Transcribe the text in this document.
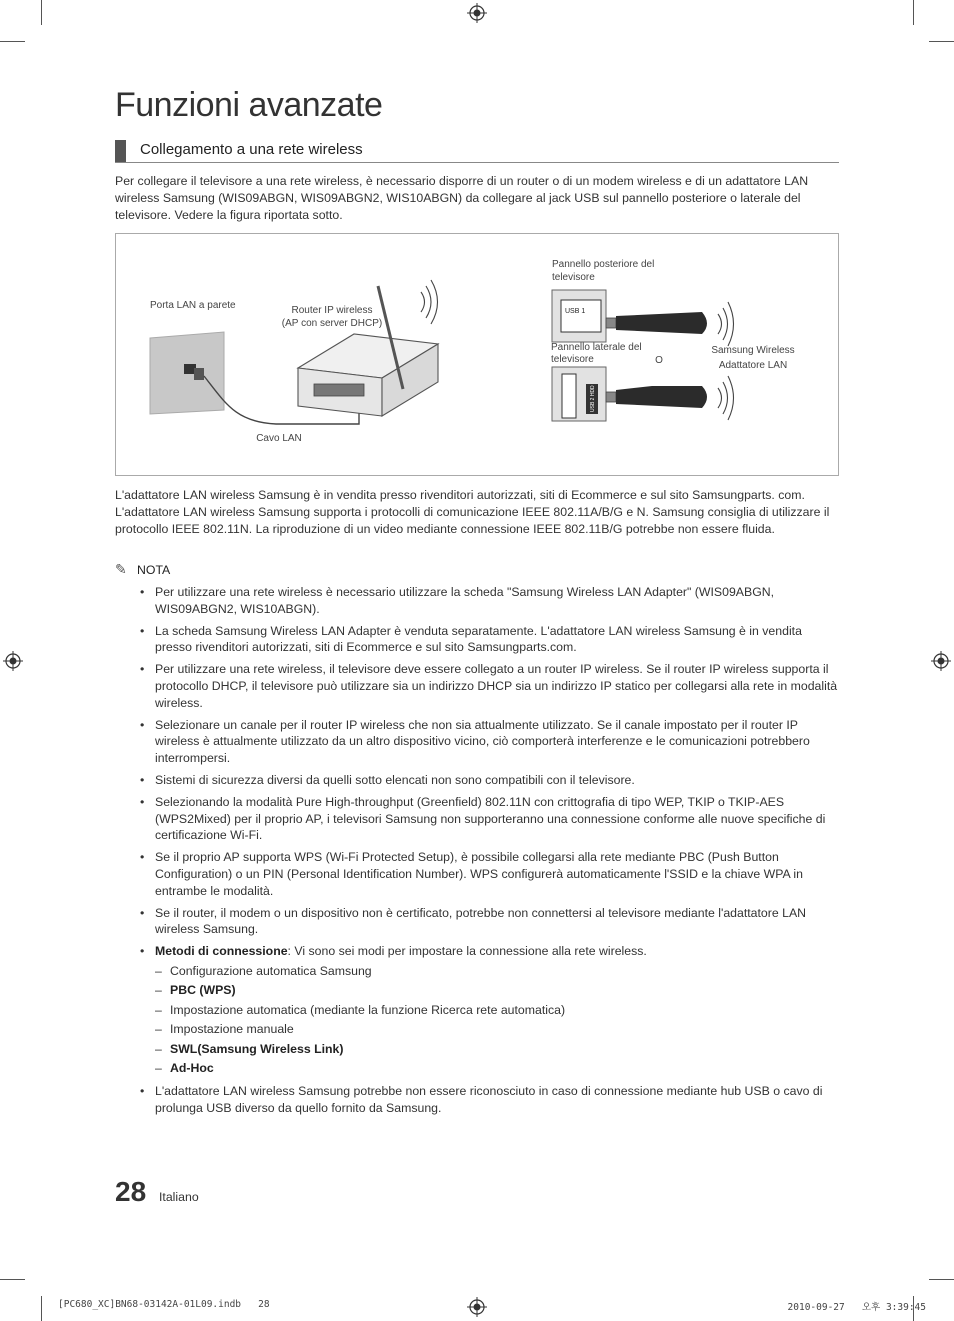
Funzioni avanzate
Collegamento a una rete wireless

Per collegare il televisore a una rete wireless, è necessario disporre di un router o di un modem wireless e di un adattatore LAN wireless Samsung (WIS09ABGN, WIS09ABGN2, WIS10ABGN) da collegare al jack USB sul pannello posteriore o laterale del televisore. Vedere la figura riportata sotto.

USB 1
USB 2 HDD
Porta LAN a parete	Router IP wireless
(AP con server DHCP)
Cavo LAN
Pannello posteriore del
televisore
Pannello laterale del
televisore	O
Samsung Wireless
Adattatore LAN

L'adattatore LAN wireless Samsung è in vendita presso rivenditori autorizzati, siti di Ecommerce e sul sito Samsungparts. com. L'adattatore LAN wireless Samsung supporta i protocolli di comunicazione IEEE 802.11A/B/G e N. Samsung consiglia di utilizzare il protocollo IEEE 802.11N. La riproduzione di un video mediante connessione IEEE 802.11B/G potrebbe non essere fluida.

✎ NOTA
• Per utilizzare una rete wireless è necessario utilizzare la scheda "Samsung Wireless LAN Adapter" (WIS09ABGN, WIS09ABGN2, WIS10ABGN).
• La scheda Samsung Wireless LAN Adapter è venduta separatamente. L'adattatore LAN wireless Samsung è in vendita presso rivenditori autorizzati, siti di Ecommerce e sul sito Samsungparts.com.
• Per utilizzare una rete wireless, il televisore deve essere collegato a un router IP wireless. Se il router IP wireless supporta il protocollo DHCP, il televisore può utilizzare sia un indirizzo DHCP sia un indirizzo IP statico per collegarsi alla rete in modalità wireless.
• Selezionare un canale per il router IP wireless che non sia attualmente utilizzato. Se il canale impostato per il router IP wireless è attualmente utilizzato da un altro dispositivo vicino, ciò comporterà interferenze e le comunicazioni potrebbero interrompersi.
• Sistemi di sicurezza diversi da quelli sotto elencati non sono compatibili con il televisore.
• Selezionando la modalità Pure High-throughput (Greenfield) 802.11N con crittografia di tipo WEP, TKIP o TKIP-AES (WPS2Mixed) per il proprio AP, i televisori Samsung non supporteranno una connessione conforme alle nuove specifiche di certificazione Wi-Fi.
• Se il proprio AP supporta WPS (Wi-Fi Protected Setup), è possibile collegarsi alla rete mediante PBC (Push Button Configuration) o un PIN (Personal Identification Number). WPS configurerà automaticamente l'SSID e la chiave WPA in entrambe le modalità.
• Se il router, il modem o un dispositivo non è certificato, potrebbe non connettersi al televisore mediante l'adattatore LAN wireless Samsung.
• Metodi di connessione: Vi sono sei modi per impostare la connessione alla rete wireless.
– Configurazione automatica Samsung
– PBC (WPS)
– Impostazione automatica (mediante la funzione Ricerca rete automatica)
– Impostazione manuale
– SWL(Samsung Wireless Link)
– Ad-Hoc
• L'adattatore LAN wireless Samsung potrebbe non essere riconosciuto in caso di connessione mediante hub USB o cavo di prolunga USB diverso da quello fornito da Samsung.
28 Italiano
[PC680_XC]BN68-03142A-01L09.indb   28	2010-09-27   오후 3:39:45
